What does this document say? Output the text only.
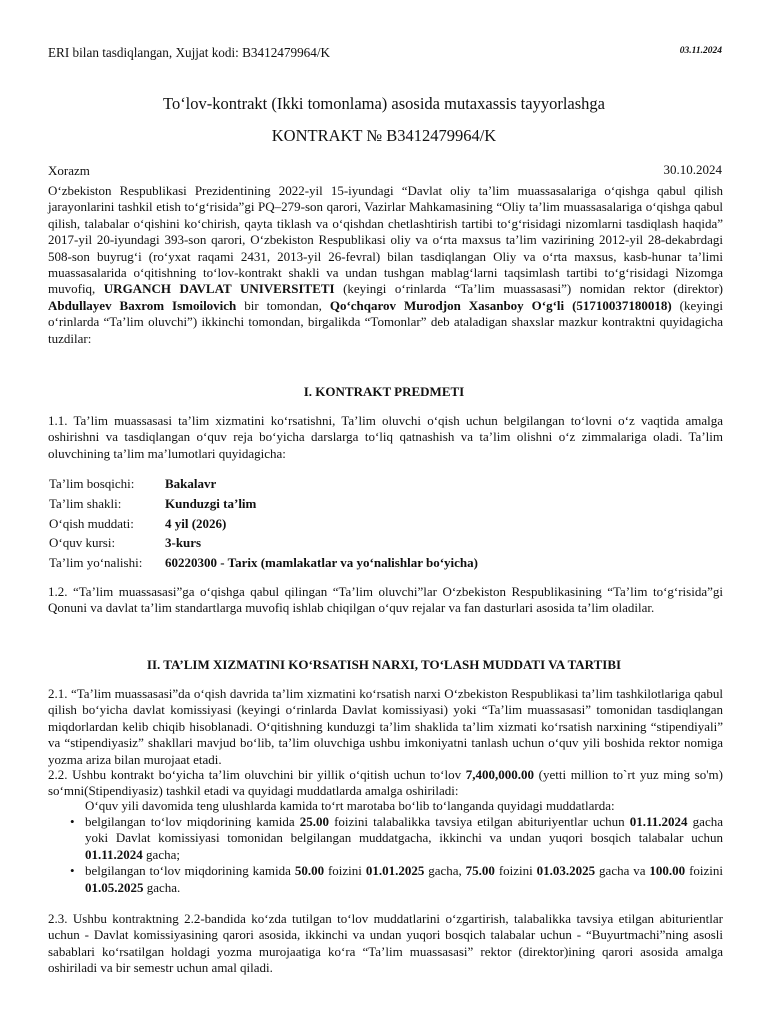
ERI bilan tasdiqlangan, Xujjat kodi: B3412479964/K	03.11.2024
To‘lov-kontrakt (Ikki tomonlama) asosida mutaxassis tayyorlashga
KONTRAKT № B3412479964/K
Xorazm	30.10.2024
O‘zbekiston Respublikasi Prezidentining 2022-yil 15-iyundagi “Davlat oliy ta’lim muassasalariga o‘qishga qabul qilish jarayonlarini tashkil etish to‘g‘risida”gi PQ–279-son qarori, Vazirlar Mahkamasining “Oliy ta’lim muassasalariga o‘qishga qabul qilish, talabalar o‘qishini ko‘chirish, qayta tiklash va o‘qishdan chetlashtirish tartibi to‘g‘risidagi nizomlarni tasdiqlash haqida” 2017-yil 20-iyundagi 393-son qarori, O‘zbekiston Respublikasi oliy va o‘rta maxsus ta’lim vazirining 2012-yil 28-dekabrdagi 508-son buyrug‘i (ro‘yxat raqami 2431, 2013-yil 26-fevral) bilan tasdiqlangan Oliy va o‘rta maxsus, kasb-hunar ta’limi muassasalarida o‘qitishning to‘lov-kontrakt shakli va undan tushgan mablag‘larni taqsimlash tartibi to‘g‘risidagi Nizomga muvofiq, URGANCH DAVLAT UNIVERSITETI (keyingi o‘rinlarda “Ta’lim muassasasi”) nomidan rektor (direktor) Abdullayev Baxrom Ismoilovich bir tomondan, Qo‘chqarov Murodjon Xasanboy O‘g‘li (51710037180018) (keyingi o‘rinlarda “Ta’lim oluvchi”) ikkinchi tomondan, birgalikda “Tomonlar” deb ataladigan shaxslar mazkur kontraktni quyidagicha tuzdilar:
I. KONTRAKT PREDMETI
1.1. Ta’lim muassasasi ta’lim xizmatini ko‘rsatishni, Ta’lim oluvchi o‘qish uchun belgilangan to‘lovni o‘z vaqtida amalga oshirishni va tasdiqlangan o‘quv reja bo‘yicha darslarga to‘liq qatnashish va ta’lim olishni o‘z zimmalariga oladi. Ta’lim oluvchining ta’lim ma’lumotlari quyidagicha:
Ta’lim bosqichi:	Bakalavr
Ta’lim shakli:	Kunduzgi ta’lim
O‘qish muddati:	4 yil (2026)
O‘quv kursi:	3-kurs
Ta’lim yo‘nalishi:	60220300 - Tarix (mamlakatlar va yo‘nalishlar bo‘yicha)
1.2. “Ta’lim muassasasi”ga o‘qishga qabul qilingan “Ta’lim oluvchi”lar O‘zbekiston Respublikasining “Ta’lim to‘g‘risida”gi Qonuni va davlat ta’lim standartlarga muvofiq ishlab chiqilgan o‘quv rejalar va fan dasturlari asosida ta’lim oladilar.
II. TA’LIM XIZMATINI KO‘RSATISH NARXI, TO‘LASH MUDDATI VA TARTIBI
2.1. “Ta’lim muassasasi”da o‘qish davrida ta’lim xizmatini ko‘rsatish narxi O‘zbekiston Respublikasi ta’lim tashkilotlariga qabul qilish bo‘yicha davlat komissiyasi (keyingi o‘rinlarda Davlat komissiyasi) yoki “Ta’lim muassasasi” tomonidan tasdiqlangan miqdorlardan kelib chiqib hisoblanadi. O‘qitishning kunduzgi ta’lim shaklida ta’lim xizmati ko‘rsatish narxining “stipendiyali” va “stipendiyasiz” shakllari mavjud bo‘lib, ta’lim oluvchiga ushbu imkoniyatni tanlash uchun o‘quv yili boshida rektor nomiga yozma ariza bilan murojaat etadi.
2.2. Ushbu kontrakt bo‘yicha ta’lim oluvchini bir yillik o‘qitish uchun to‘lov 7,400,000.00 (yetti million to`rt yuz ming so'm) so‘mni(Stipendiyasiz) tashkil etadi va quyidagi muddatlarda amalga oshiriladi:
O‘quv yili davomida teng ulushlarda kamida to‘rt marotaba bo‘lib to‘langanda quyidagi muddatlarda:
• belgilangan to‘lov miqdorining kamida 25.00 foizini talabalikka tavsiya etilgan abituriyentlar uchun 01.11.2024 gacha yoki Davlat komissiyasi tomonidan belgilangan muddatgacha, ikkinchi va undan yuqori bosqich talabalar uchun 01.11.2024 gacha;
• belgilangan to‘lov miqdorining kamida 50.00 foizini 01.01.2025 gacha, 75.00 foizini 01.03.2025 gacha va 100.00 foizini 01.05.2025 gacha.
2.3. Ushbu kontraktning 2.2-bandida ko‘zda tutilgan to‘lov muddatlarini o‘zgartirish, talabalikka tavsiya etilgan abiturientlar uchun - Davlat komissiyasining qarori asosida, ikkinchi va undan yuqori bosqich talabalar uchun - “Buyurtmachi”ning asosli sabablari ko‘rsatilgan holdagi yozma murojaatiga ko‘ra “Ta’lim muassasasi” rektor (direktor)ining qarori asosida amalga oshiriladi va bir semestr uchun amal qiladi.
